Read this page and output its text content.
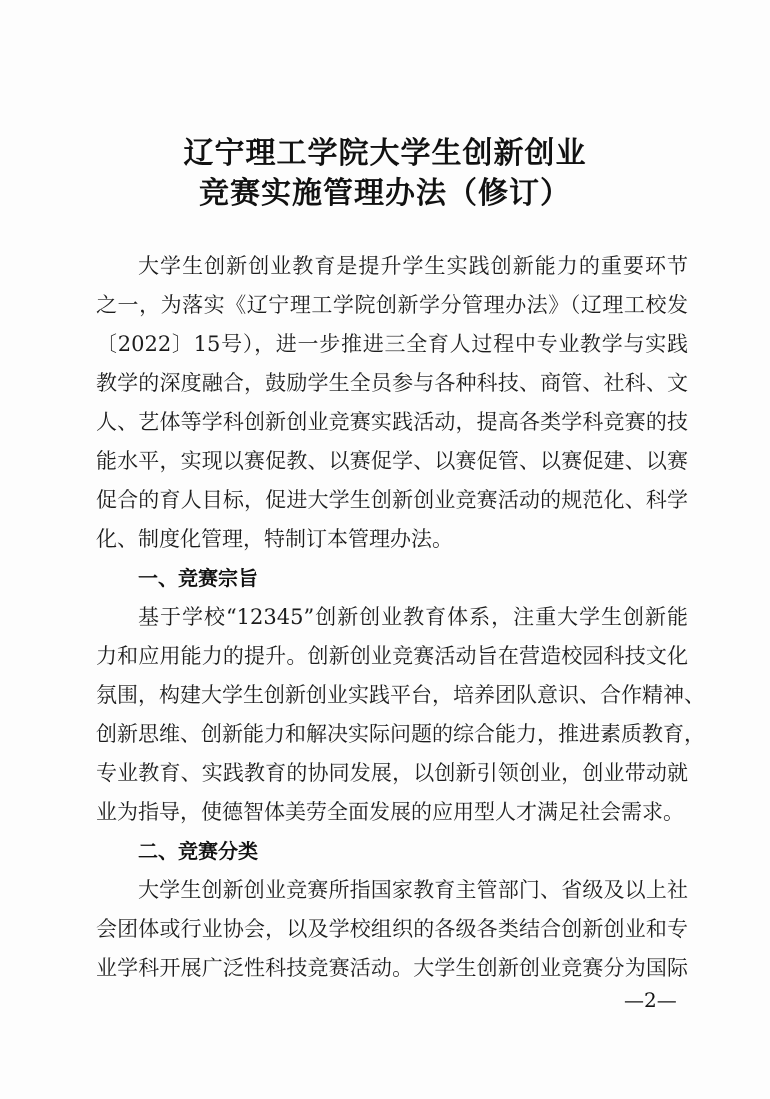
辽宁理工学院大学生创新创业
竞赛实施管理办法（修订）
大学生创新创业教育是提升学生实践创新能力的重要环节
之一，为落实《辽宁理工学院创新学分管理办法》（辽理工校发
〔2022〕15号），进一步推进三全育人过程中专业教学与实践
教学的深度融合，鼓励学生全员参与各种科技、商管、社科、文
人、艺体等学科创新创业竞赛实践活动，提高各类学科竞赛的技
能水平，实现以赛促教、以赛促学、以赛促管、以赛促建、以赛
促合的育人目标，促进大学生创新创业竞赛活动的规范化、科学
化、制度化管理，特制订本管理办法。
一、竞赛宗旨
基于学校“12345”创新创业教育体系，注重大学生创新能
力和应用能力的提升。创新创业竞赛活动旨在营造校园科技文化
氛围，构建大学生创新创业实践平台，培养团队意识、合作精神、
创新思维、创新能力和解决实际问题的综合能力，推进素质教育，
专业教育、实践教育的协同发展，以创新引领创业，创业带动就
业为指导，使德智体美劳全面发展的应用型人才满足社会需求。
二、竞赛分类
大学生创新创业竞赛所指国家教育主管部门、省级及以上社
会团体或行业协会，以及学校组织的各级各类结合创新创业和专
业学科开展广泛性科技竞赛活动。大学生创新创业竞赛分为国际
—2—
